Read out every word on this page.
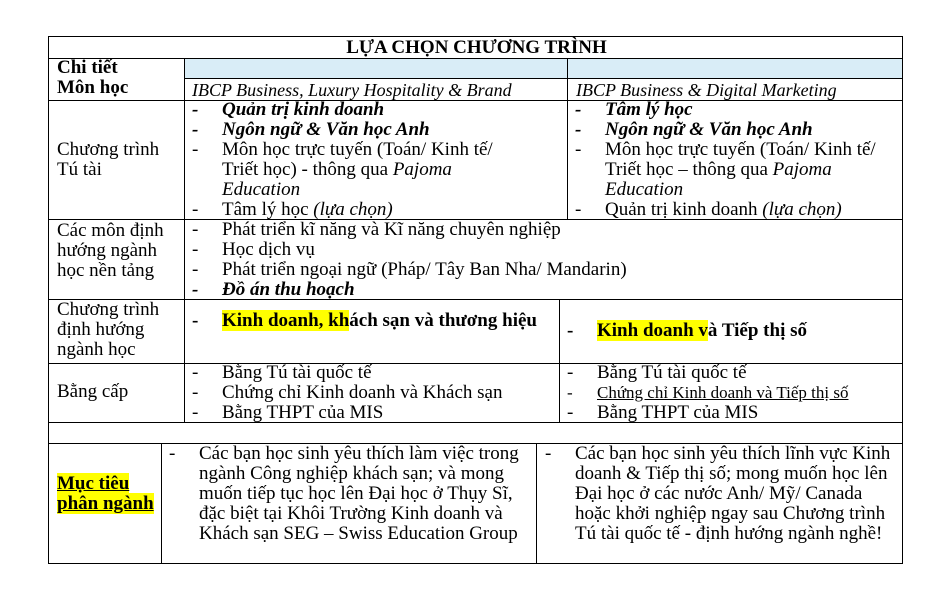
LỰA CHỌN CHƯƠNG TRÌNH
Chi tiết
Môn học	IBCP Business, Luxury Hospitality & Brand	IBCP Business & Digital Marketing
Chương trình Tú tài
- Quản trị kinh doanh
- Ngôn ngữ & Văn học Anh
- Môn học trực tuyến (Toán/ Kinh tế/ Triết học) - thông qua Pajoma Education
- Tâm lý học (lựa chọn)
- Tâm lý học
- Ngôn ngữ & Văn học Anh
- Môn học trực tuyến (Toán/ Kinh tế/ Triết học – thông qua Pajoma Education
- Quản trị kinh doanh (lựa chọn)
Các môn định hướng ngành học nền tảng
- Phát triển kĩ năng và Kĩ năng chuyên nghiệp
- Học dịch vụ
- Phát triển ngoại ngữ (Pháp/ Tây Ban Nha/ Mandarin)
- Đồ án thu hoạch
Chương trình định hướng ngành học
- Kinh doanh, khách sạn và thương hiệu
-	Kinh doanh và Tiếp thị số
Bằng cấp
- Bằng Tú tài quốc tế
- Chứng chỉ Kinh doanh và Khách sạn
- Bằng THPT của MIS
- Bằng Tú tài quốc tế
- Chứng chỉ Kinh doanh và Tiếp thị số
- Bằng THPT của MIS
Mục tiêu phân ngành
- Các bạn học sinh yêu thích làm việc trong ngành Công nghiệp khách sạn; và mong muốn tiếp tục học lên Đại học ở Thụy Sĩ, đặc biệt tại Khôi Trường Kinh doanh và Khách sạn SEG – Swiss Education Group
- Các bạn học sinh yêu thích lĩnh vực Kinh doanh & Tiếp thị số; mong muốn học lên Đại học ở các nước Anh/ Mỹ/ Canada hoặc khởi nghiệp ngay sau Chương trình Tú tài quốc tế - định hướng ngành nghề!
